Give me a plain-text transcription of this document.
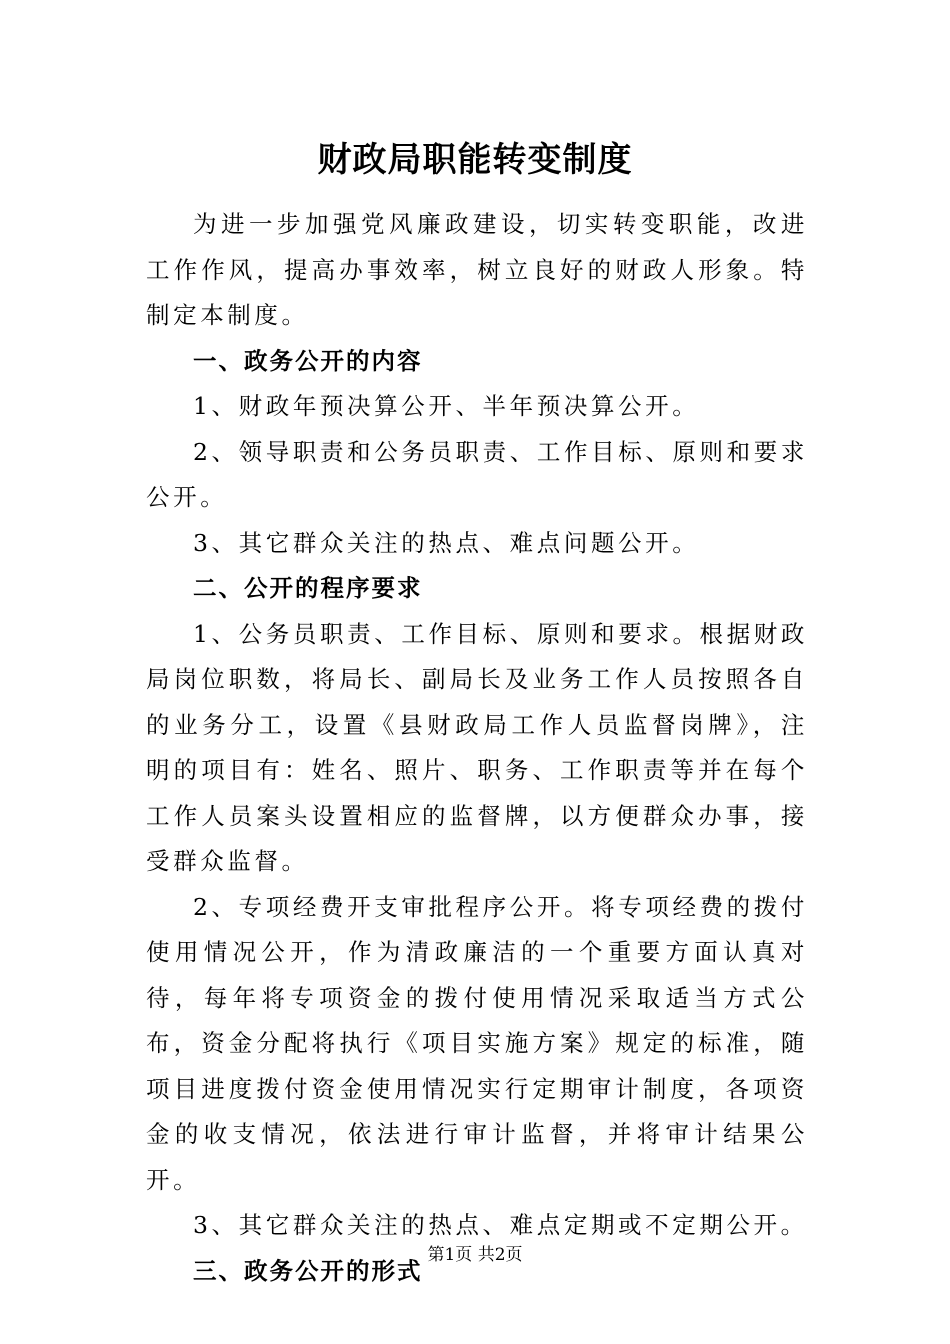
财政局职能转变制度

为进一步加强党风廉政建设，切实转变职能，改进工作作风，提高办事效率，树立良好的财政人形象。特制定本制度。

一、政务公开的内容

1、财政年预决算公开、半年预决算公开。

2、领导职责和公务员职责、工作目标、原则和要求公开。

3、其它群众关注的热点、难点问题公开。

二、公开的程序要求

1、公务员职责、工作目标、原则和要求。根据财政局岗位职数，将局长、副局长及业务工作人员按照各自的业务分工，设置《县财政局工作人员监督岗牌》，注明的项目有：姓名、照片、职务、工作职责等并在每个工作人员案头设置相应的监督牌，以方便群众办事，接受群众监督。

2、专项经费开支审批程序公开。将专项经费的拨付使用情况公开，作为清政廉洁的一个重要方面认真对待，每年将专项资金的拨付使用情况采取适当方式公布，资金分配将执行《项目实施方案》规定的标准，随项目进度拨付资金使用情况实行定期审计制度，各项资金的收支情况，依法进行审计监督，并将审计结果公开。

3、其它群众关注的热点、难点定期或不定期公开。

三、政务公开的形式

第1页 共2页
